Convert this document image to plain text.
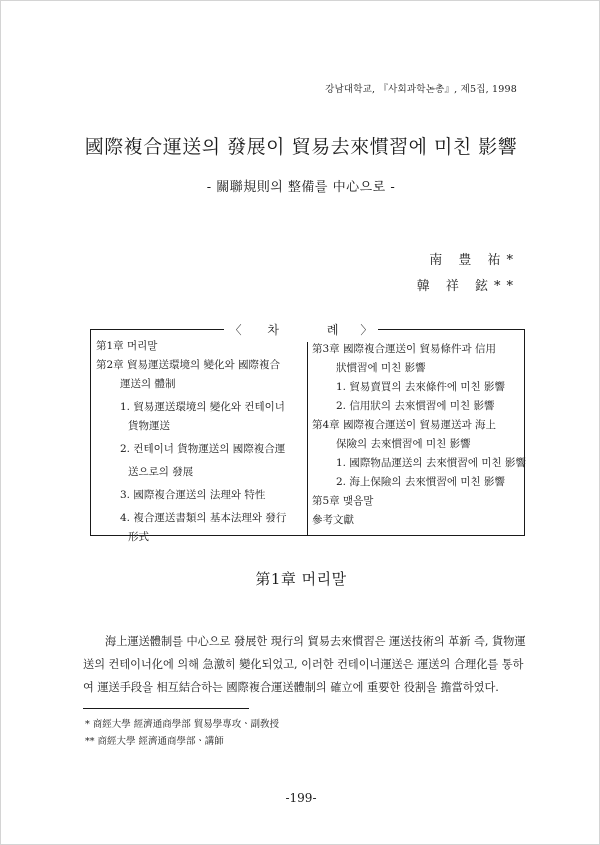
강남대학교, 『사회과학논총』, 제5집, 1998
國際複合運送의 發展이 貿易去來慣習에 미친 影響
- 關聯規則의 整備를 中心으로 -
南 豊 祐*
韓 祥 鉉**
〈 차 례〉
第1章 머리말
第2章 貿易運送環境의 變化와 國際複合
運送의 體制
1. 貿易運送環境의 變化와 컨테이너
貨物運送
2. 컨테이너 貨物運送의 國際複合運
送으로의 發展
3. 國際複合運送의 法理와 特性
4. 複合運送書類의 基本法理와 發行
形式
第3章 國際複合運送이 貿易條件과 信用
狀慣習에 미친 影響
1. 貿易賣買의 去來條件에 미친 影響
2. 信用狀의 去來慣習에 미친 影響
第4章 國際複合運送이 貿易運送과 海上
保險의 去來慣習에 미친 影響
1. 國際物品運送의 去來慣習에 미친 影響
2. 海上保險의 去來慣習에 미친 影響
第5章 맺음말
參考文獻
第1章 머리말
海上運送體制를 中心으로 發展한 現行의 貿易去來慣習은 運送技術의 革新 즉, 貨物運
送의 컨테이너化에 의해 急激히 變化되었고, 이러한 컨테이너運送은 運送의 合理化를 통하
여 運送手段을 相互結合하는 國際複合運送體制의 確立에 重要한 役割을 擔當하였다.
* 商經大學 經濟通商學部 貿易學專攻ㆍ副敎授
** 商經大學 經濟通商學部ㆍ講師
-199-
